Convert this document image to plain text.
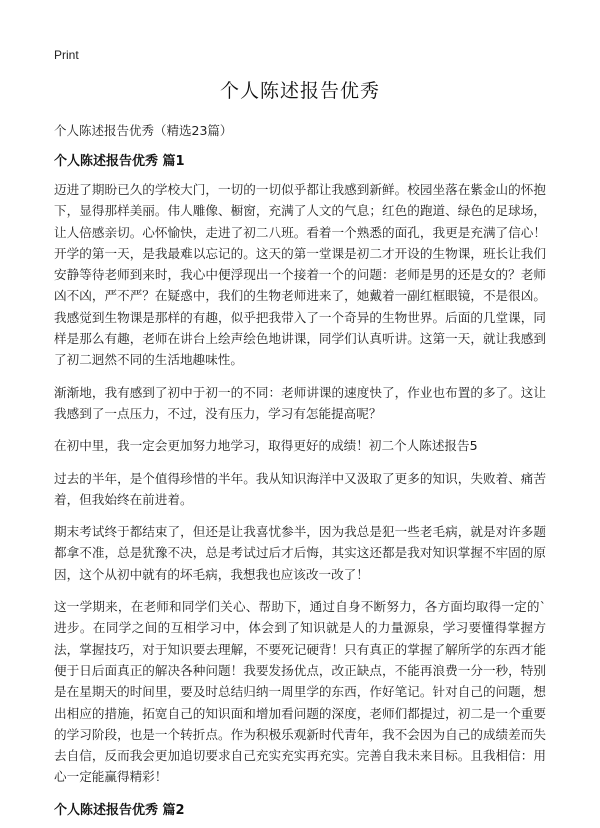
Print
个人陈述报告优秀
个人陈述报告优秀（精选23篇）
个人陈述报告优秀 篇1

迈进了期盼已久的学校大门，一切的一切似乎都让我感到新鲜。校园坐落在紫金山的怀抱下，显得那样美丽。伟人雕像、橱窗，充满了人文的气息；红色的跑道、绿色的足球场，让人倍感亲切。心怀愉快，走进了初二八班。看着一个熟悉的面孔，我更是充满了信心！开学的第一天，是我最难以忘记的。这天的第一堂课是初二才开设的生物课，班长让我们安静等待老师到来时，我心中便浮现出一个接着一个的问题：老师是男的还是女的？老师凶不凶，严不严？在疑惑中，我们的生物老师进来了，她戴着一副红框眼镜，不是很凶。我感觉到生物课是那样的有趣，似乎把我带入了一个奇异的生物世界。后面的几堂课，同样是那么有趣，老师在讲台上绘声绘色地讲课，同学们认真听讲。这第一天，就让我感到了初二迥然不同的生活地趣味性。

渐渐地，我有感到了初中于初一的不同：老师讲课的速度快了，作业也布置的多了。这让我感到了一点压力，不过，没有压力，学习有怎能提高呢？

在初中里，我一定会更加努力地学习，取得更好的成绩！初二个人陈述报告5

过去的半年，是个值得珍惜的半年。我从知识海洋中又汲取了更多的知识，失败着、痛苦着，但我始终在前进着。

期末考试终于都结束了，但还是让我喜忧参半，因为我总是犯一些老毛病，就是对许多题都拿不准，总是犹豫不决，总是考试过后才后悔，其实这还都是我对知识掌握不牢固的原因，这个从初中就有的坏毛病，我想我也应该改一改了！

这一学期来，在老师和同学们关心、帮助下，通过自身不断努力，各方面均取得一定的`进步。在同学之间的互相学习中，体会到了知识就是人的力量源泉，学习要懂得掌握方法，掌握技巧，对于知识要去理解，不要死记硬背！只有真正的掌握了解所学的东西才能便于日后面真正的解决各种问题！我要发扬优点，改正缺点，不能再浪费一分一秒，特别是在星期天的时间里，要及时总结归纳一周里学的东西，作好笔记。针对自己的问题，想出相应的措施，拓宽自己的知识面和增加看问题的深度，老师们都提过，初二是一个重要的学习阶段，也是一个转折点。作为积极乐观新时代青年，我不会因为自己的成绩差而失去自信，反而我会更加追切要求自己充实充实再充实。完善自我未来目标。且我相信：用心一定能赢得精彩！

个人陈述报告优秀 篇2
